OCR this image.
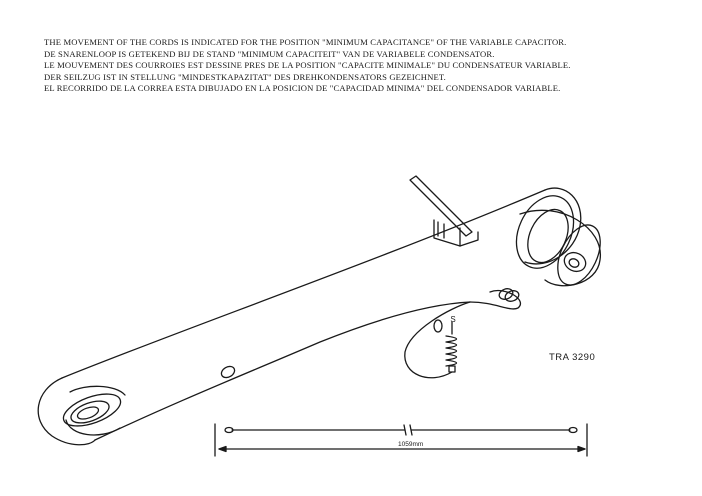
THE MOVEMENT OF THE CORDS IS INDICATED FOR THE POSITION "MINIMUM CAPACITANCE" OF THE VARIABLE CAPACITOR.
DE SNARENLOOP IS GETEKEND BIJ DE STAND "MINIMUM CAPACITEIT" VAN DE VARIABELE CONDENSATOR.
LE MOUVEMENT DES COURROIES EST DESSINE PRES DE LA POSITION "CAPACITE MINIMALE" DU CONDENSATEUR VARIABLE.
DER SEILZUG IST IN STELLUNG "MINDESTKAPAZITAT" DES DREHKONDENSATORS GEZEICHNET.
EL RECORRIDO DE LA CORREA ESTA DIBUJADO EN LA POSICION DE "CAPACIDAD MINIMA" DEL CONDENSADOR VARIABLE.
S
TRA 3290
1059mm
